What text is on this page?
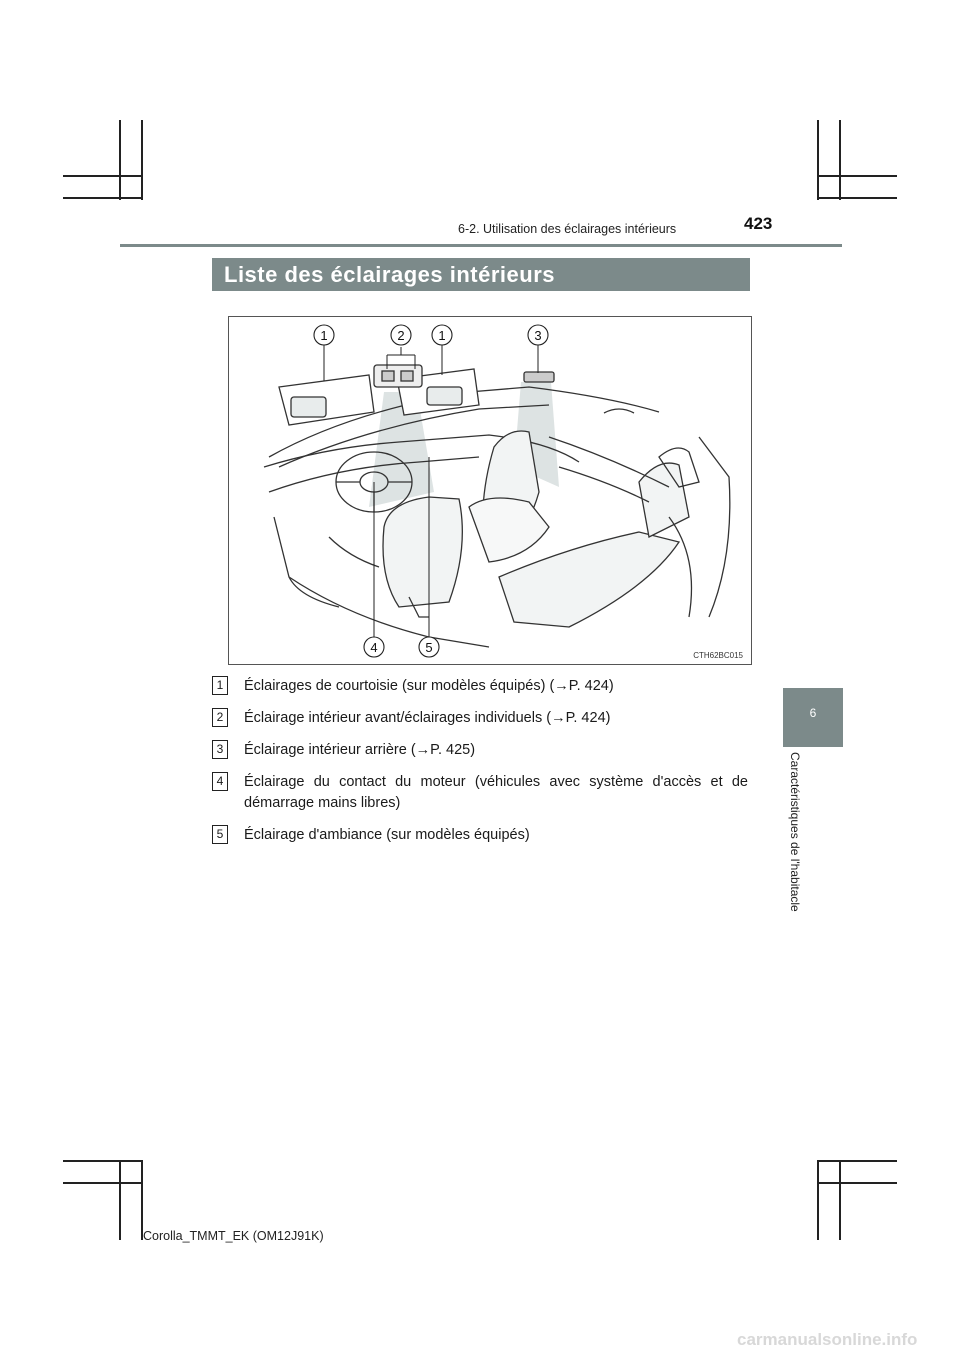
6-2. Utilisation des éclairages intérieurs	423
Liste des éclairages intérieurs
6
Caractéristiques de l'habitacle
1	2	1	3
4	5
CTH62BC015
1	Éclairages de courtoisie (sur modèles équipés) (→P. 424)
2	Éclairage intérieur avant/éclairages individuels (→P. 424)
3	Éclairage intérieur arrière (→P. 425)
4	Éclairage du contact du moteur (véhicules avec système d'accès et de démarrage mains libres)
5	Éclairage d'ambiance (sur modèles équipés)
Corolla_TMMT_EK (OM12J91K)
carmanualsonline.info
